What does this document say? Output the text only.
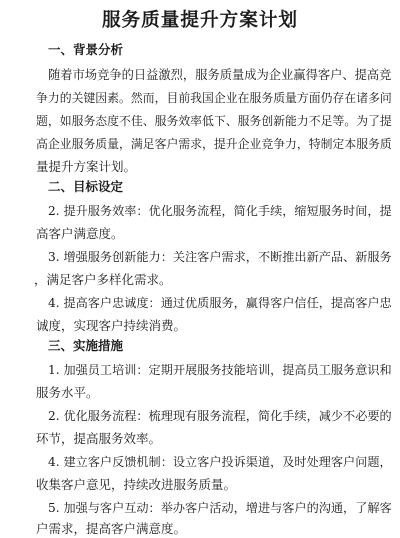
服务质量提升方案计划
一、背景分析
随着市场竞争的日益激烈，服务质量成为企业赢得客户、提高竞
争力的关键因素。然而，目前我国企业在服务质量方面仍存在诸多问
题，如服务态度不佳、服务效率低下、服务创新能力不足等。为了提
高企业服务质量，满足客户需求，提升企业竞争力，特制定本服务质
量提升方案计划。
二、目标设定
2. 提升服务效率：优化服务流程，简化手续，缩短服务时间，提
高客户满意度。
3. 增强服务创新能力：关注客户需求，不断推出新产品、新服务
，满足客户多样化需求。
4. 提高客户忠诚度：通过优质服务，赢得客户信任，提高客户忠
诚度，实现客户持续消费。
三、实施措施
1. 加强员工培训：定期开展服务技能培训，提高员工服务意识和
服务水平。
2. 优化服务流程：梳理现有服务流程，简化手续，减少不必要的
环节，提高服务效率。
4. 建立客户反馈机制：设立客户投诉渠道，及时处理客户问题，
收集客户意见，持续改进服务质量。
5. 加强与客户互动：举办客户活动，增进与客户的沟通，了解客
户需求，提高客户满意度。
